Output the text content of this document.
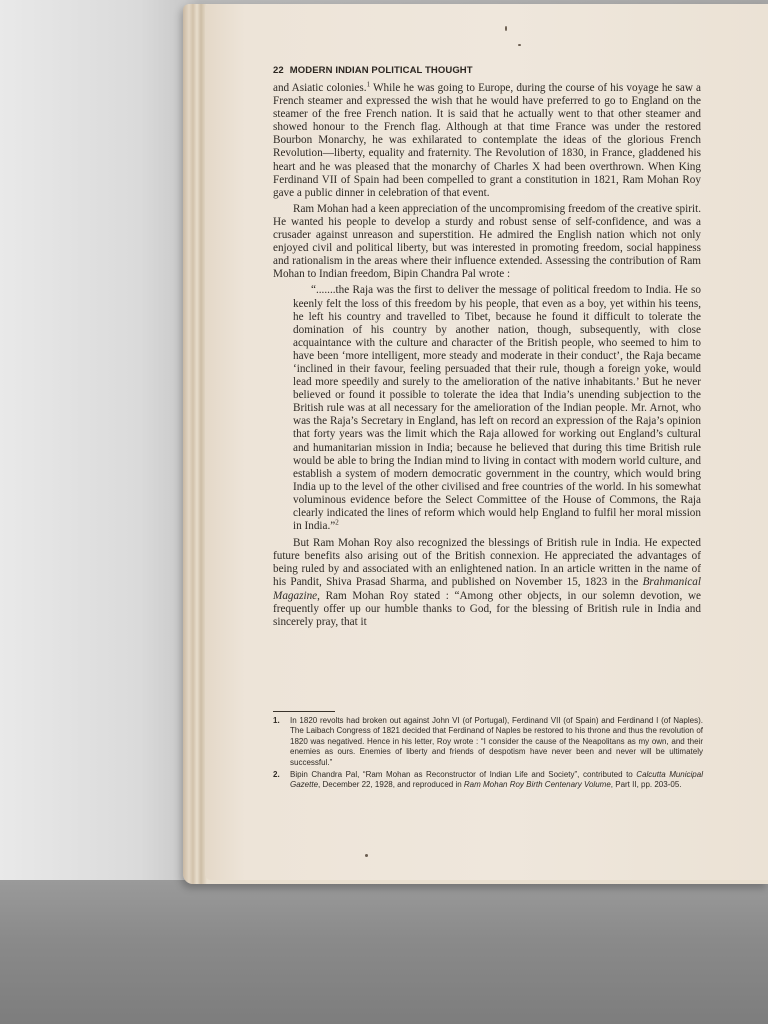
22 MODERN INDIAN POLITICAL THOUGHT

and Asiatic colonies.$^1$ While he was going to Europe, during the course of his voyage he saw a French steamer and expressed the wish that he would have preferred to go to England on the steamer of the free French nation. It is said that he actually went to that other steamer and showed honour to the French flag. Although at that time France was under the restored Bourbon Monarchy, he was exhilarated to contemplate the ideas of the glorious French Revolution—liberty, equality and fraternity. The Revolution of 1830, in France, gladdened his heart and he was pleased that the monarchy of Charles X had been overthrown. When King Ferdinand VII of Spain had been compelled to grant a constitution in 1821, Ram Mohan Roy gave a public dinner in celebration of that event.

Ram Mohan had a keen appreciation of the uncompromising freedom of the creative spirit. He wanted his people to develop a sturdy and robust sense of self-confidence, and was a crusader against unreason and superstition. He admired the English nation which not only enjoyed civil and political liberty, but was interested in promoting freedom, social happiness and rationalism in the areas where their influence extended. Assessing the contribution of Ram Mohan to Indian freedom, Bipin Chandra Pal wrote :

“.......the Raja was the first to deliver the message of political freedom to India. He so keenly felt the loss of this freedom by his people, that even as a boy, yet within his teens, he left his country and travelled to Tibet, because he found it difficult to tolerate the domination of his country by another nation, though, subsequently, with close acquaintance with the culture and character of the British people, who seemed to him to have been ‘more intelligent, more steady and moderate in their conduct’, the Raja became ‘inclined in their favour, feeling persuaded that their rule, though a foreign yoke, would lead more speedily and surely to the amelioration of the native inhabitants.’ But he never believed or found it possible to tolerate the idea that India’s unending subjection to the British rule was at all necessary for the amelioration of the Indian people. Mr. Arnot, who was the Raja’s Secretary in England, has left on record an expression of the Raja’s opinion that forty years was the limit which the Raja allowed for working out England’s cultural and humanitarian mission in India; because he believed that during this time British rule would be able to bring the Indian mind to living in contact with modern world culture, and establish a system of modern democratic government in the country, which would bring India up to the level of the other civilised and free countries of the world. In his somewhat voluminous evidence before the Select Committee of the House of Commons, the Raja clearly indicated the lines of reform which would help England to fulfil her moral mission in India.”$^2$

But Ram Mohan Roy also recognized the blessings of British rule in India. He expected future benefits also arising out of the British connexion. He appreciated the advantages of being ruled by and associated with an enlightened nation. In an article written in the name of his Pandit, Shiva Prasad Sharma, and published on November 15, 1823 in the Brahmanical Magazine, Ram Mohan Roy stated : “Among other objects, in our solemn devotion, we frequently offer up our humble thanks to God, for the blessing of British rule in India and sincerely pray, that it

1.	In 1820 revolts had broken out against John VI (of Portugal), Ferdinand VII (of Spain) and Ferdinand I (of Naples). The Laibach Congress of 1821 decided that Ferdinand of Naples be restored to his throne and thus the revolution of 1820 was negatived. Hence in his letter, Roy wrote : “I consider the cause of the Neapolitans as my own, and their enemies as ours. Enemies of liberty and friends of despotism have never been and never will be ultimately successful.”
2.	Bipin Chandra Pal, “Ram Mohan as Reconstructor of Indian Life and Society”, contributed to Calcutta Municipal Gazette, December 22, 1928, and reproduced in Ram Mohan Roy Birth Centenary Volume, Part II, pp. 203-05.
